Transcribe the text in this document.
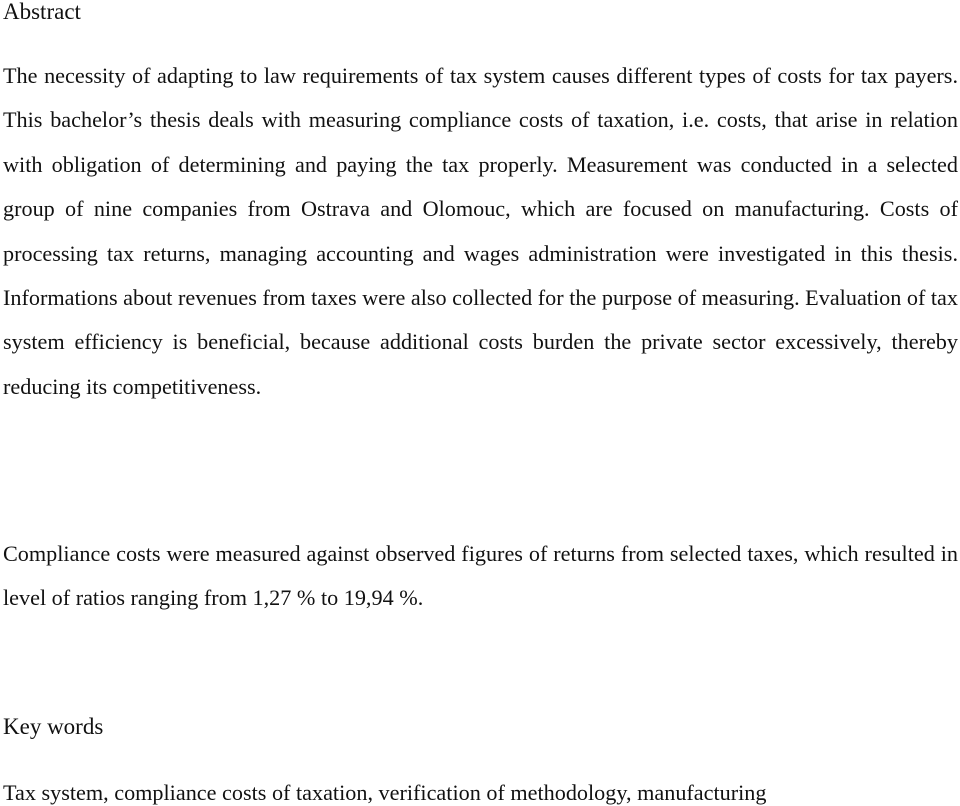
Abstract

The necessity of adapting to law requirements of tax system causes different types of costs for tax payers. This bachelor’s thesis deals with measuring compliance costs of taxation, i.e. costs, that arise in relation with obligation of determining and paying the tax properly. Measurement was conducted in a selected group of nine companies from Ostrava and Olomouc, which are focused on manufacturing. Costs of processing tax returns, managing accounting and wages administration were investigated in this thesis. Informations about revenues from taxes were also collected for the purpose of measuring. Evaluation of tax system efficiency is beneficial, because additional costs burden the private sector excessively, thereby reducing its competitiveness.

Compliance costs were measured against observed figures of returns from selected taxes, which resulted in level of ratios ranging from 1,27 % to 19,94 %.

Key words

Tax system, compliance costs of taxation, verification of methodology, manufacturing
